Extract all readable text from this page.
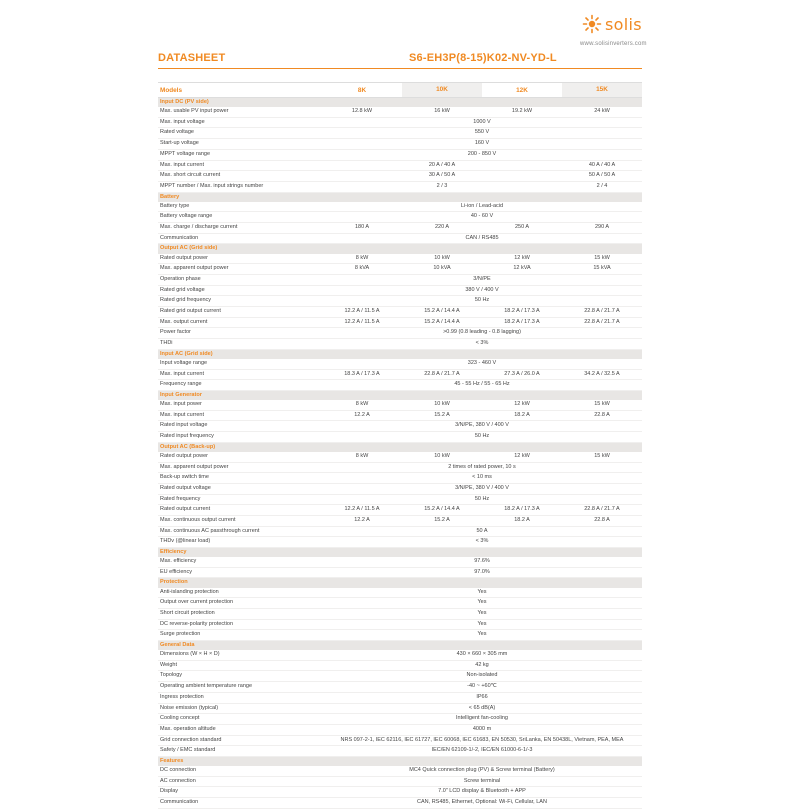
solis
www.solisinverters.com
DATASHEET	S6-EH3P(8-15)K02-NV-YD-L
Models	8K	10K	12K	15K
Input DC (PV side)
Max. usable PV input power	12.8 kW	16 kW	19.2 kW	24 kW
Max. input voltage	1000 V
Rated voltage	550 V
Start-up voltage	160 V
MPPT voltage range	200 - 850 V
Max. input current	20 A / 40 A	40 A / 40 A
Max. short circuit current	30 A / 50 A	50 A / 50 A
MPPT number / Max. input strings number	2 / 3	2 / 4
Battery
Battery type	Li-ion / Lead-acid
Battery voltage range	40 - 60 V
Max. charge / discharge current	180 A	220 A	250 A	290 A
Communication	CAN / RS485
Output AC (Grid side)
Rated output power	8 kW	10 kW	12 kW	15 kW
Max. apparent output power	8 kVA	10 kVA	12 kVA	15 kVA
Operation phase	3/N/PE
Rated grid voltage	380 V / 400 V
Rated grid frequency	50 Hz
Rated grid output current	12.2 A / 11.5 A	15.2 A / 14.4 A	18.2 A / 17.3 A	22.8 A / 21.7 A
Max. output current	12.2 A / 11.5 A	15.2 A / 14.4 A	18.2 A / 17.3 A	22.8 A / 21.7 A
Power factor	>0.99 (0.8 leading - 0.8 lagging)
THDi	< 3%
Input AC (Grid side)
Input voltage range	323 - 460 V
Max. input current	18.3 A / 17.3 A	22.8 A / 21.7 A	27.3 A / 26.0 A	34.2 A / 32.5 A
Frequency range	45 - 55 Hz / 55 - 65 Hz
Input Generator
Max. input power	8 kW	10 kW	12 kW	15 kW
Max. input current	12.2 A	15.2 A	18.2 A	22.8 A
Rated input voltage	3/N/PE, 380 V / 400 V
Rated input frequency	50 Hz
Output AC (Back-up)
Rated output power	8 kW	10 kW	12 kW	15 kW
Max. apparent output power	2 times of rated power, 10 s
Back-up switch time	< 10 ms
Rated output voltage	3/N/PE, 380 V / 400 V
Rated frequency	50 Hz
Rated output current	12.2 A / 11.5 A	15.2 A / 14.4 A	18.2 A / 17.3 A	22.8 A / 21.7 A
Max. continuous output current	12.2 A	15.2 A	18.2 A	22.8 A
Max. continuous AC passthrough current	50 A
THDv (@linear load)	< 3%
Efficiency
Max. efficiency	97.6%
EU efficiency	97.0%
Protection
Anti-islanding protection	Yes
Output over current protection	Yes
Short circuit protection	Yes
DC reverse-polarity protection	Yes
Surge protection	Yes
General Data
Dimensions (W × H × D)	430 × 660 × 305 mm
Weight	42 kg
Topology	Non-isolated
Operating ambient temperature range	-40 ~ +60℃
Ingress protection	IP66
Noise emission (typical)	< 65 dB(A)
Cooling concept	Intelligent fan-cooling
Max. operation altitude	4000 m
Grid connection standard	NRS 097-2-1, IEC 62116, IEC 61727, IEC 60068, IEC 61683, EN 50530, SriLanka, EN 50438L, Vietnam, PEA, MEA
Safety / EMC standard	IEC/EN 62109-1/-2, IEC/EN 61000-6-1/-3
Features
DC connection	MC4 Quick connection plug (PV) & Screw terminal (Battery)
AC connection	Screw terminal
Display	7.0" LCD display & Bluetooth + APP
Communication	CAN, RS485, Ethernet, Optional: Wi-Fi, Cellular, LAN
